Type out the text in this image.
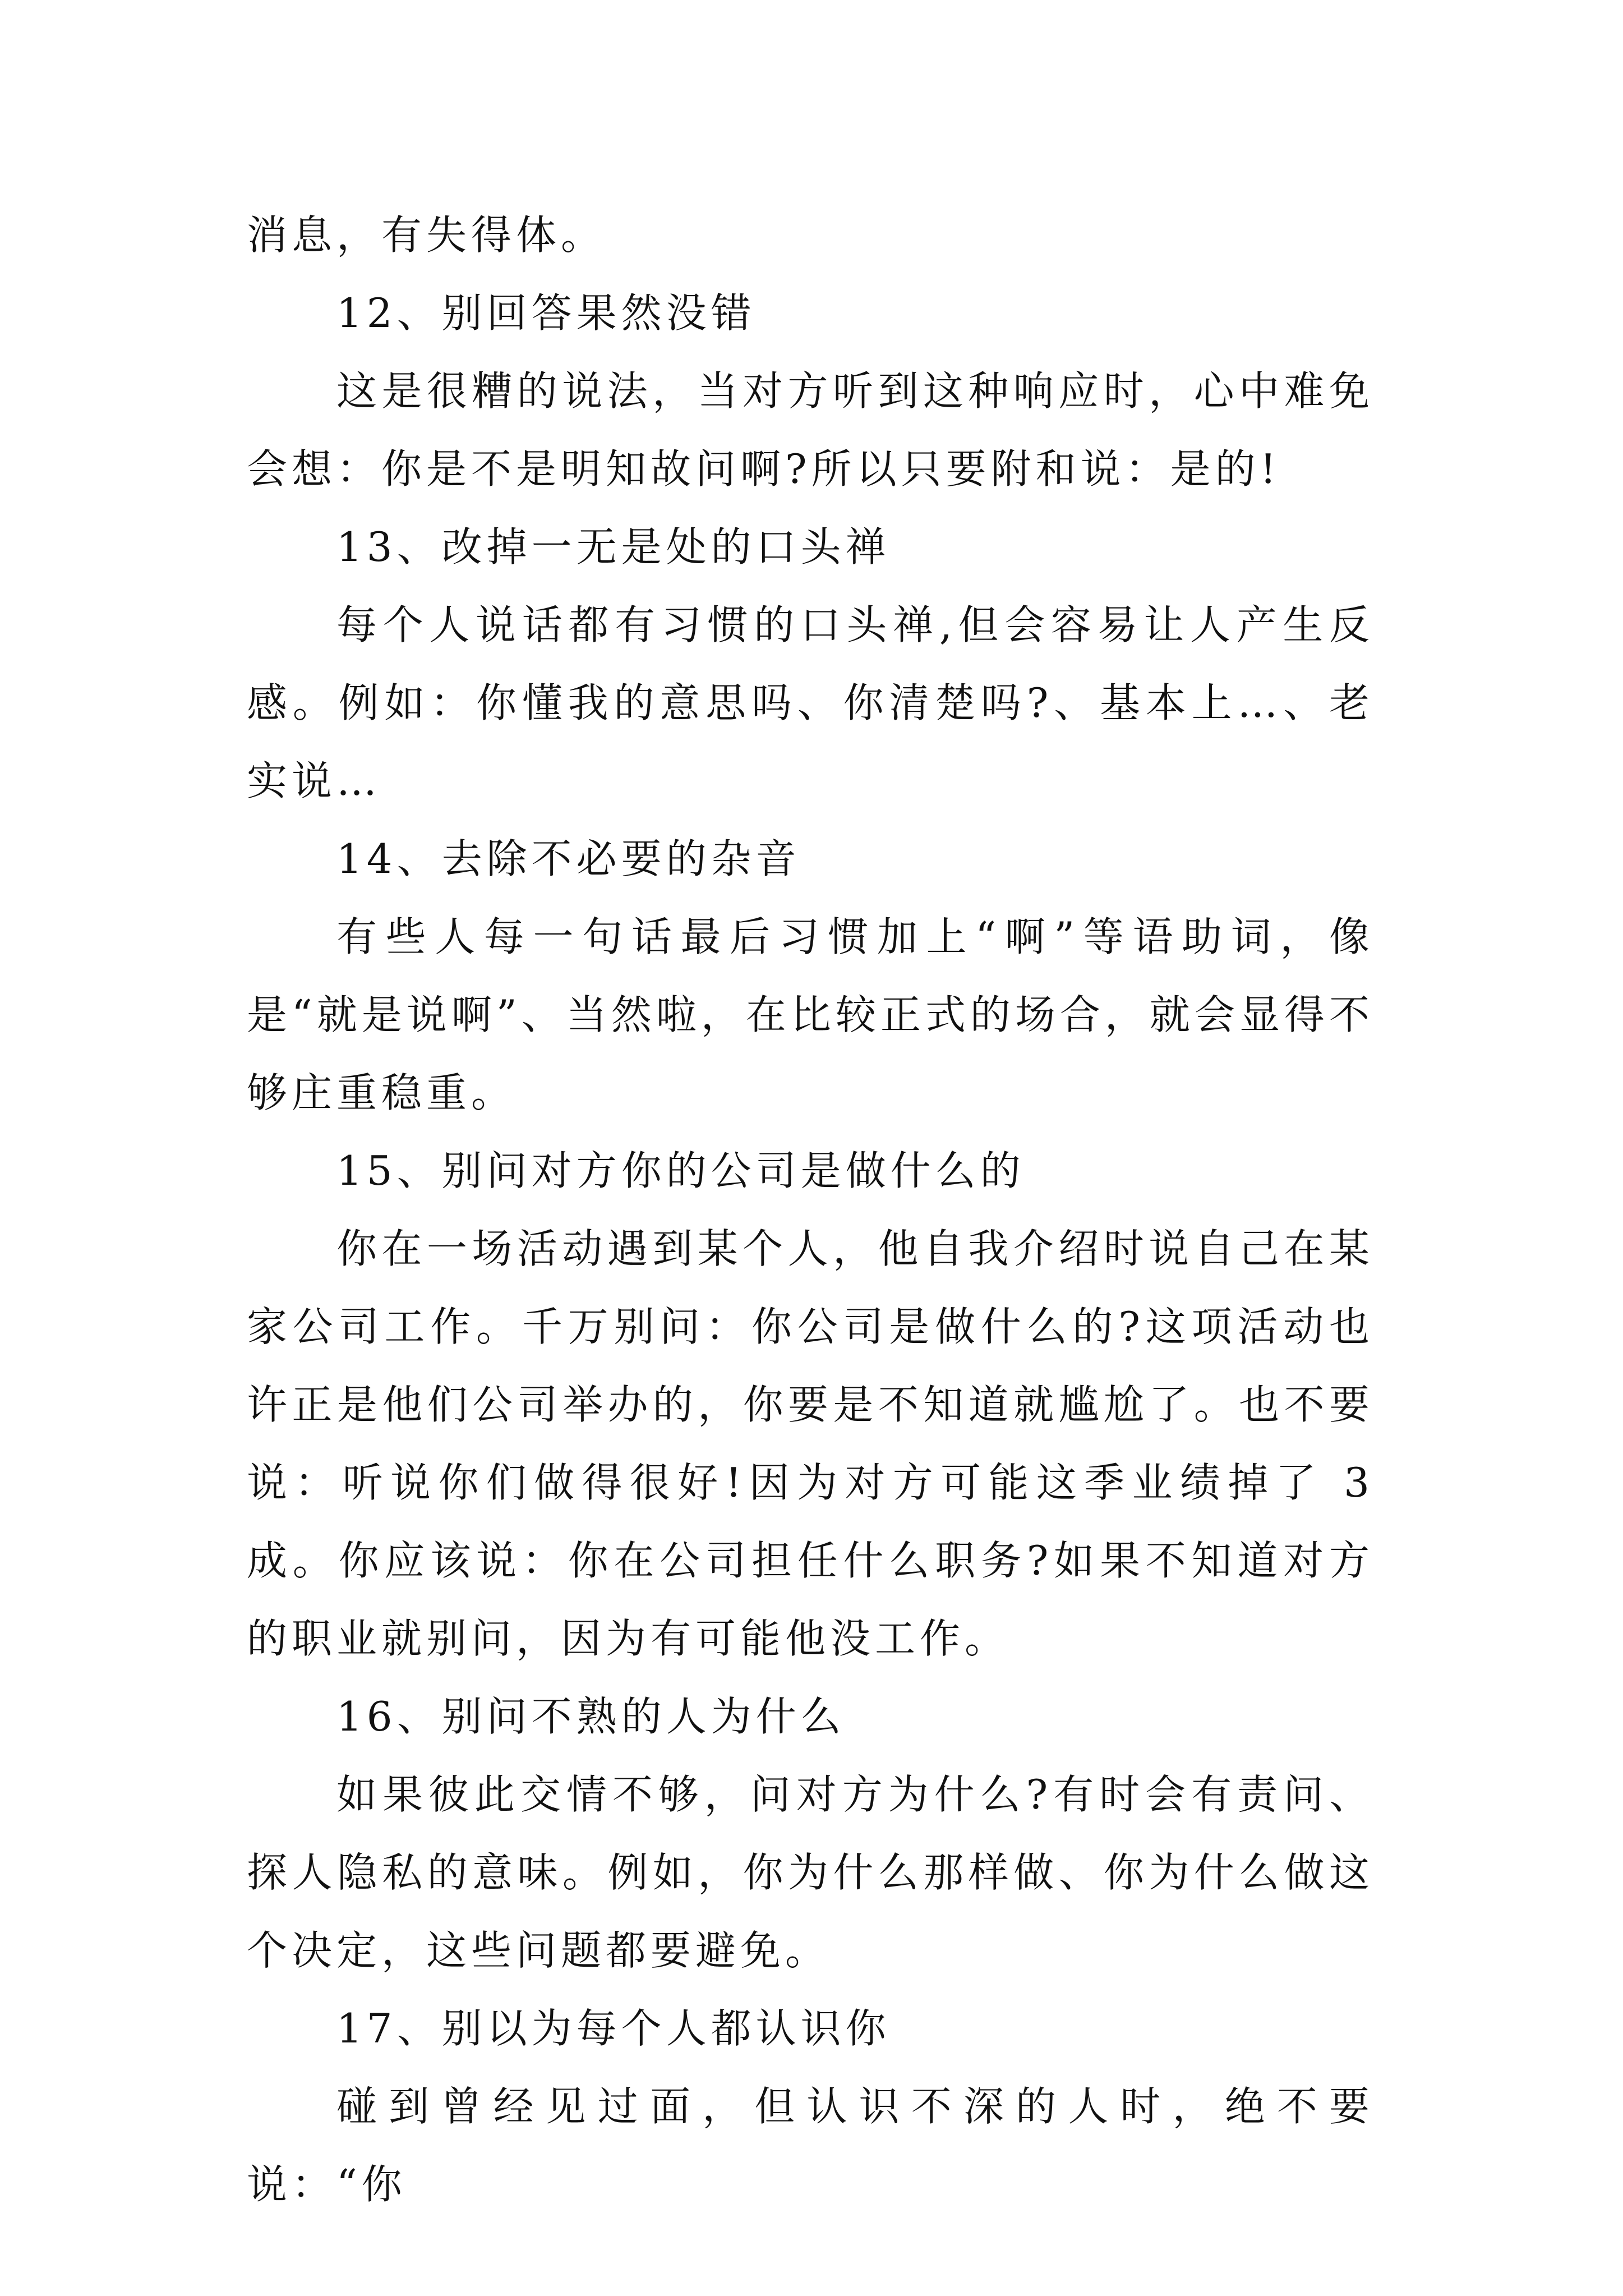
消息，有失得体。

12、别回答果然没错

这是很糟的说法，当对方听到这种响应时，心中难免会想：你是不是明知故问啊?所以只要附和说：是的!

13、改掉一无是处的口头禅

每个人说话都有习惯的口头禅,但会容易让人产生反感。例如：你懂我的意思吗、你清楚吗?、基本上…、老实说…

14、去除不必要的杂音

有些人每一句话最后习惯加上“啊”等语助词，像是“就是说啊”、当然啦，在比较正式的场合，就会显得不够庄重稳重。

15、别问对方你的公司是做什么的

你在一场活动遇到某个人，他自我介绍时说自己在某家公司工作。千万别问：你公司是做什么的?这项活动也许正是他们公司举办的，你要是不知道就尴尬了。也不要说：听说你们做得很好!因为对方可能这季业绩掉了 3 成。你应该说：你在公司担任什么职务?如果不知道对方的职业就别问，因为有可能他没工作。

16、别问不熟的人为什么

如果彼此交情不够，问对方为什么?有时会有责问、探人隐私的意味。例如，你为什么那样做、你为什么做这个决定，这些问题都要避免。

17、别以为每个人都认识你

碰到曾经见过面，但认识不深的人时，绝不要说：“你
